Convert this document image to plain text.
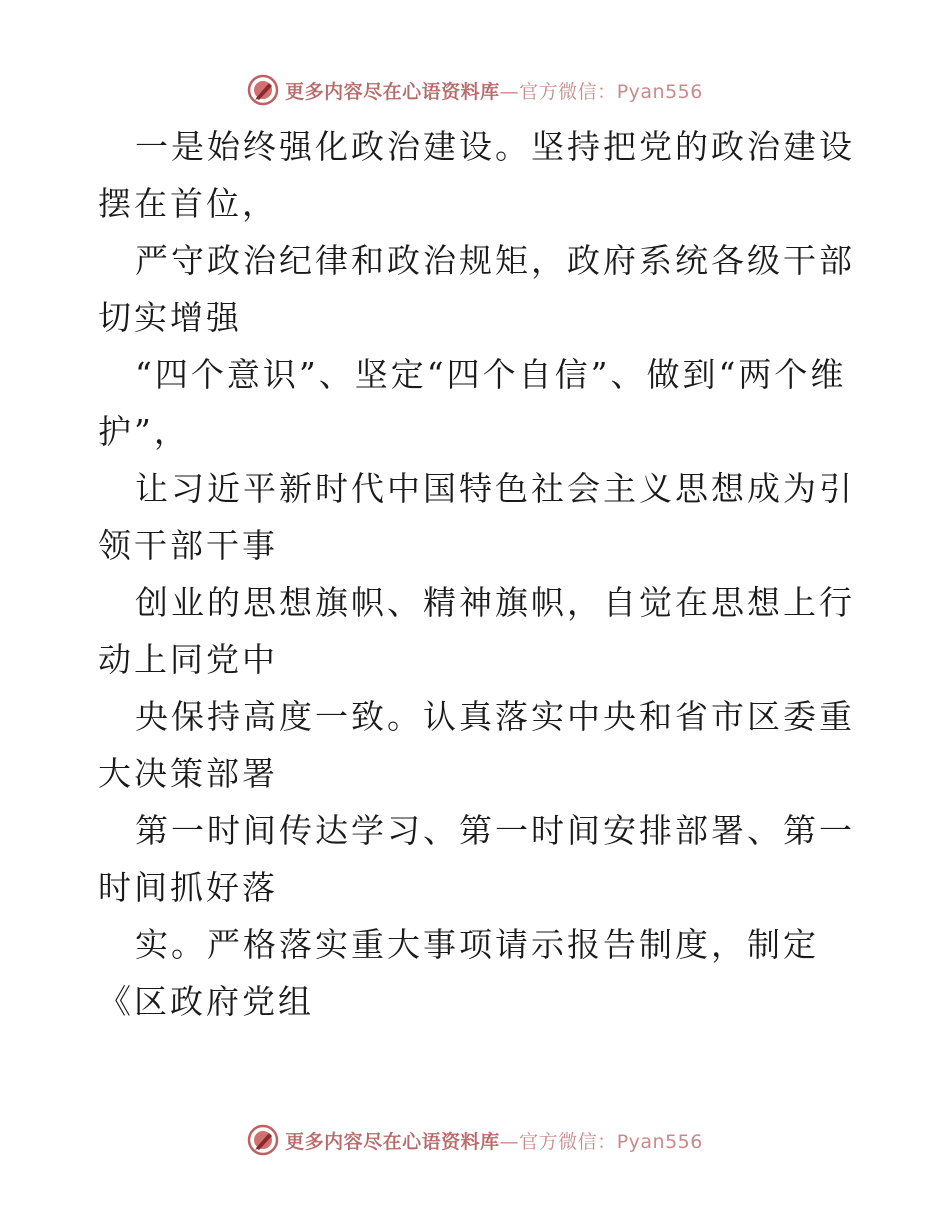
更多内容尽在心语资料库—官方微信：Pyan556

一是始终强化政治建设。坚持把党的政治建设摆在首位，

严守政治纪律和政治规矩，政府系统各级干部切实增强

“四个意识”、坚定“四个自信”、做到“两个维护”，

让习近平新时代中国特色社会主义思想成为引领干部干事

创业的思想旗帜、精神旗帜，自觉在思想上行动上同党中

央保持高度一致。认真落实中央和省市区委重大决策部署

第一时间传达学习、第一时间安排部署、第一时间抓好落

实。严格落实重大事项请示报告制度，制定《区政府党组

更多内容尽在心语资料库—官方微信：Pyan556
